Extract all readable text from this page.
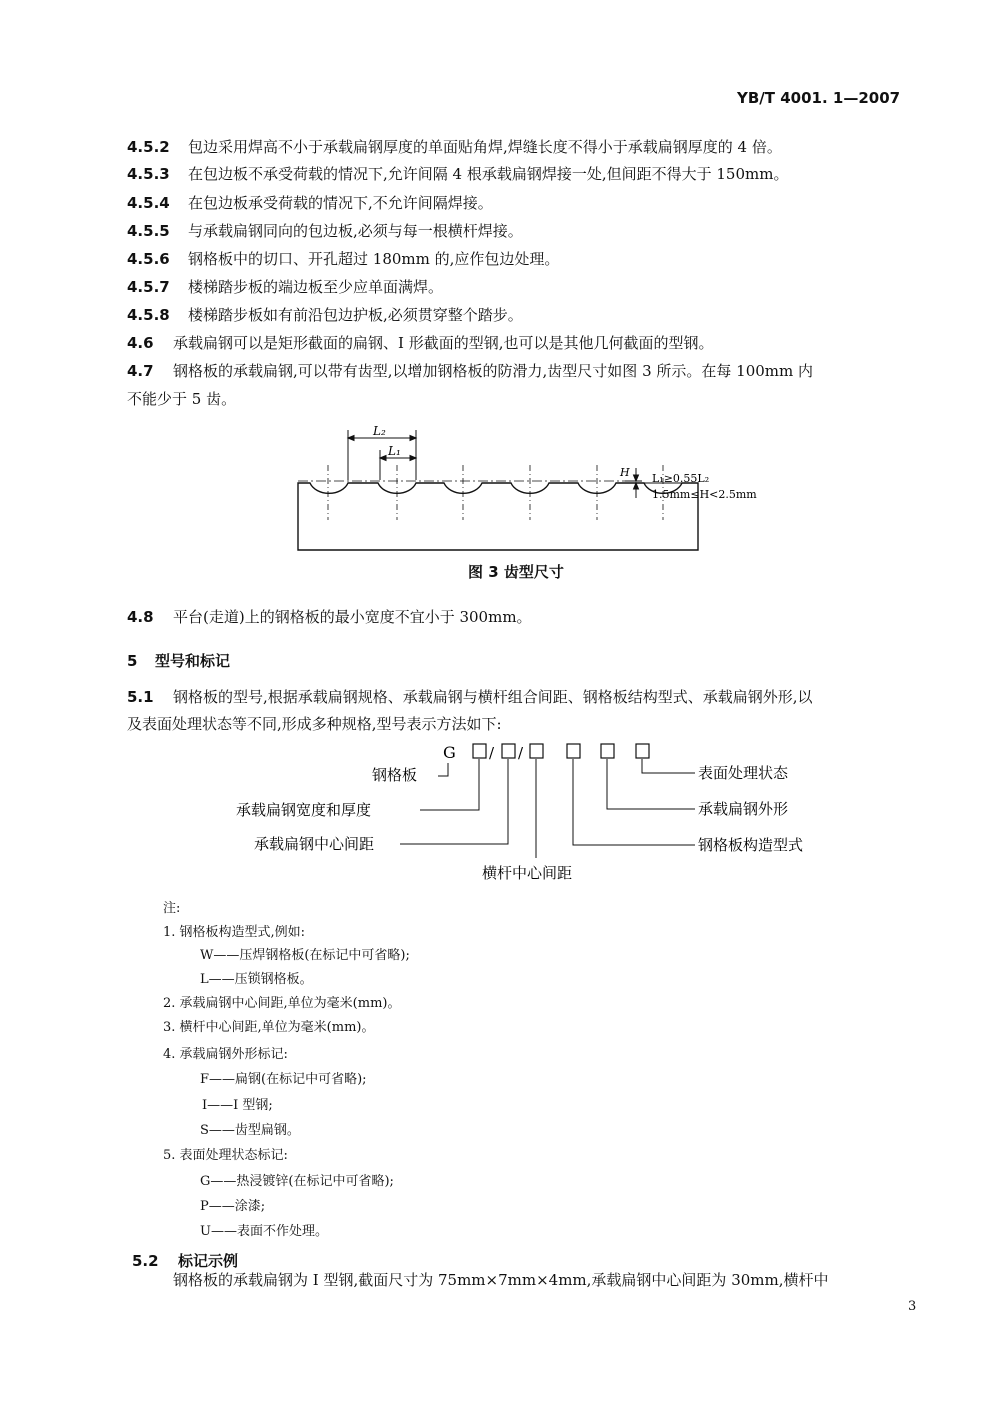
YB/T 4001. 1—2007
4.5.2 包边采用焊高不小于承载扁钢厚度的单面贴角焊,焊缝长度不得小于承载扁钢厚度的 4 倍。
4.5.3 在包边板不承受荷载的情况下,允许间隔 4 根承载扁钢焊接一处,但间距不得大于 150mm。
4.5.4 在包边板承受荷载的情况下,不允许间隔焊接。
4.5.5 与承载扁钢同向的包边板,必须与每一根横杆焊接。
4.5.6 钢格板中的切口、开孔超过 180mm 的,应作包边处理。
4.5.7 楼梯踏步板的端边板至少应单面满焊。
4.5.8 楼梯踏步板如有前沿包边护板,必须贯穿整个踏步。
4.6 承载扁钢可以是矩形截面的扁钢、I 形截面的型钢,也可以是其他几何截面的型钢。
4.7 钢格板的承载扁钢,可以带有齿型,以增加钢格板的防滑力,齿型尺寸如图 3 所示。在每 100mm 内
不能少于 5 齿。
L₂
L₁
H L₁≥0.55L₂
1.5mm≤H<2.5mm
图 3 齿型尺寸
4.8 平台(走道)上的钢格板的最小宽度不宜小于 300mm。
5 型号和标记
5.1 钢格板的型号,根据承载扁钢规格、承载扁钢与横杆组合间距、钢格板结构型式、承载扁钢外形,以
及表面处理状态等不同,形成多种规格,型号表示方法如下:
G / /
钢格板
承载扁钢宽度和厚度
承载扁钢中心间距
横杆中心间距
表面处理状态
承载扁钢外形
钢格板构造型式
注:
1. 钢格板构造型式,例如:
W——压焊钢格板(在标记中可省略);
L——压锁钢格板。
2. 承载扁钢中心间距,单位为毫米(mm)。
3. 横杆中心间距,单位为毫米(mm)。
4. 承载扁钢外形标记:
F——扁钢(在标记中可省略);
I——I 型钢;
S——齿型扁钢。
5. 表面处理状态标记:
G——热浸镀锌(在标记中可省略);
P——涂漆;
U——表面不作处理。
5.2 标记示例
钢格板的承载扁钢为 I 型钢,截面尺寸为 75mm×7mm×4mm,承载扁钢中心间距为 30mm,横杆中
3
